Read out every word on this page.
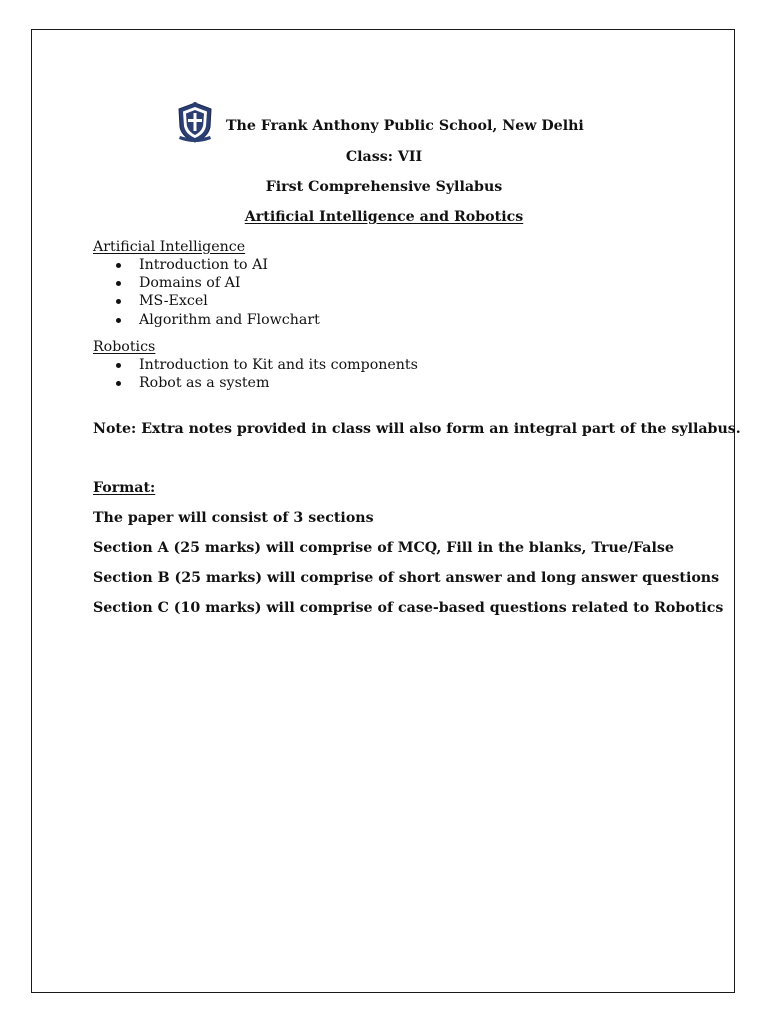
The Frank Anthony Public School, New Delhi
Class: VII
First Comprehensive Syllabus
Artificial Intelligence and Robotics
Artificial Intelligence
Introduction to AI
Domains of AI
MS-Excel
Algorithm and Flowchart
Robotics
Introduction to Kit and its components
Robot as a system
Note: Extra notes provided in class will also form an integral part of the syllabus.
Format:
The paper will consist of 3 sections
Section A (25 marks) will comprise of MCQ, Fill in the blanks, True/False
Section B (25 marks) will comprise of short answer and long answer questions
Section C (10 marks) will comprise of case-based questions related to Robotics
